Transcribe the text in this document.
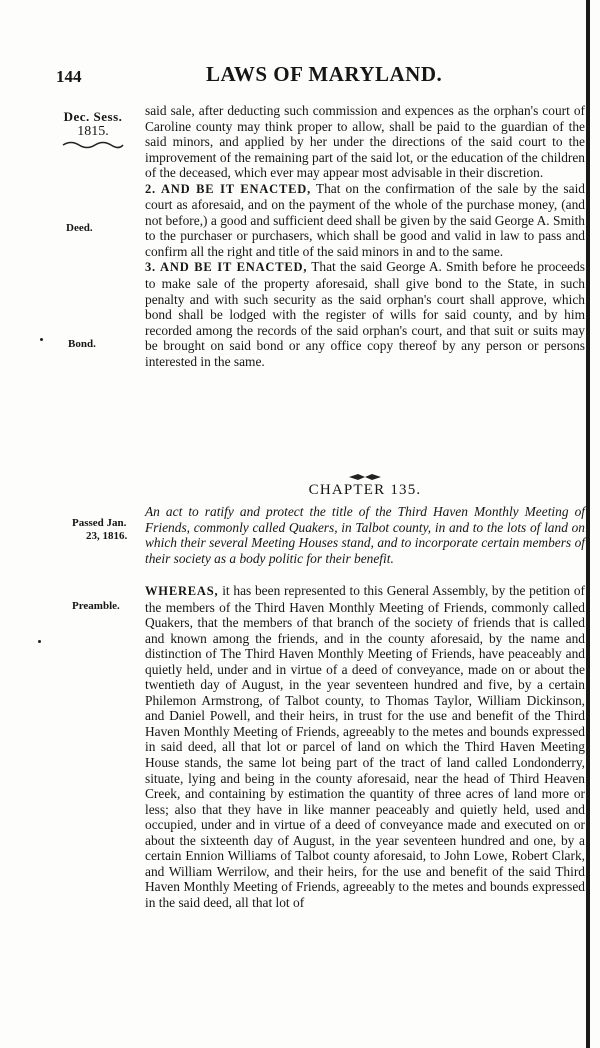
144	LAWS OF MARYLAND.
Dec. Sess.
1815.
Deed.
Bond.
Passed Jan.
23, 1816.
Preamble.

said sale, after deducting such commission and expences as the orphan's court of Caroline county may think proper to allow, shall be paid to the guardian of the said minors, and applied by her under the directions of the said court to the improvement of the remaining part of the said lot, or the education of the children of the deceased, which ever may appear most advisable in their discretion.

2. AND BE IT ENACTED, That on the confirmation of the sale by the said court as aforesaid, and on the payment of the whole of the purchase money, (and not before,) a good and sufficient deed shall be given by the said George A. Smith to the purchaser or purchasers, which shall be good and valid in law to pass and confirm all the right and title of the said minors in and to the same.

3. AND BE IT ENACTED, That the said George A. Smith before he proceeds to make sale of the property aforesaid, shall give bond to the State, in such penalty and with such security as the said orphan's court shall approve, which bond shall be lodged with the register of wills for said county, and by him recorded among the records of the said orphan's court, and that suit or suits may be brought on said bond or any office copy thereof by any person or persons interested in the same.

CHAPTER 135.

An act to ratify and protect the title of the Third Haven Monthly Meeting of Friends, commonly called Quakers, in Talbot county, in and to the lots of land on which their several Meeting Houses stand, and to incorporate certain members of their society as a body politic for their benefit.

WHEREAS, it has been represented to this General Assembly, by the petition of the members of the Third Haven Monthly Meeting of Friends, commonly called Quakers, that the members of that branch of the society of friends that is called and known among the friends, and in the county aforesaid, by the name and distinction of The Third Haven Monthly Meeting of Friends, have peaceably and quietly held, under and in virtue of a deed of conveyance, made on or about the twentieth day of August, in the year seventeen hundred and five, by a certain Philemon Armstrong, of Talbot county, to Thomas Taylor, William Dickinson, and Daniel Powell, and their heirs, in trust for the use and benefit of the Third Haven Monthly Meeting of Friends, agreeably to the metes and bounds expressed in said deed, all that lot or parcel of land on which the Third Haven Meeting House stands, the same lot being part of the tract of land called Londonderry, situate, lying and being in the county aforesaid, near the head of Third Heaven Creek, and containing by estimation the quantity of three acres of land more or less; also that they have in like manner peaceably and quietly held, used and occupied, under and in virtue of a deed of conveyance made and executed on or about the sixteenth day of August, in the year seventeen hundred and one, by a certain Ennion Williams of Talbot county aforesaid, to John Lowe, Robert Clark, and William Werrilow, and their heirs, for the use and benefit of the said Third Haven Monthly Meeting of Friends, agreeably to the metes and bounds expressed in the said deed, all that lot of
